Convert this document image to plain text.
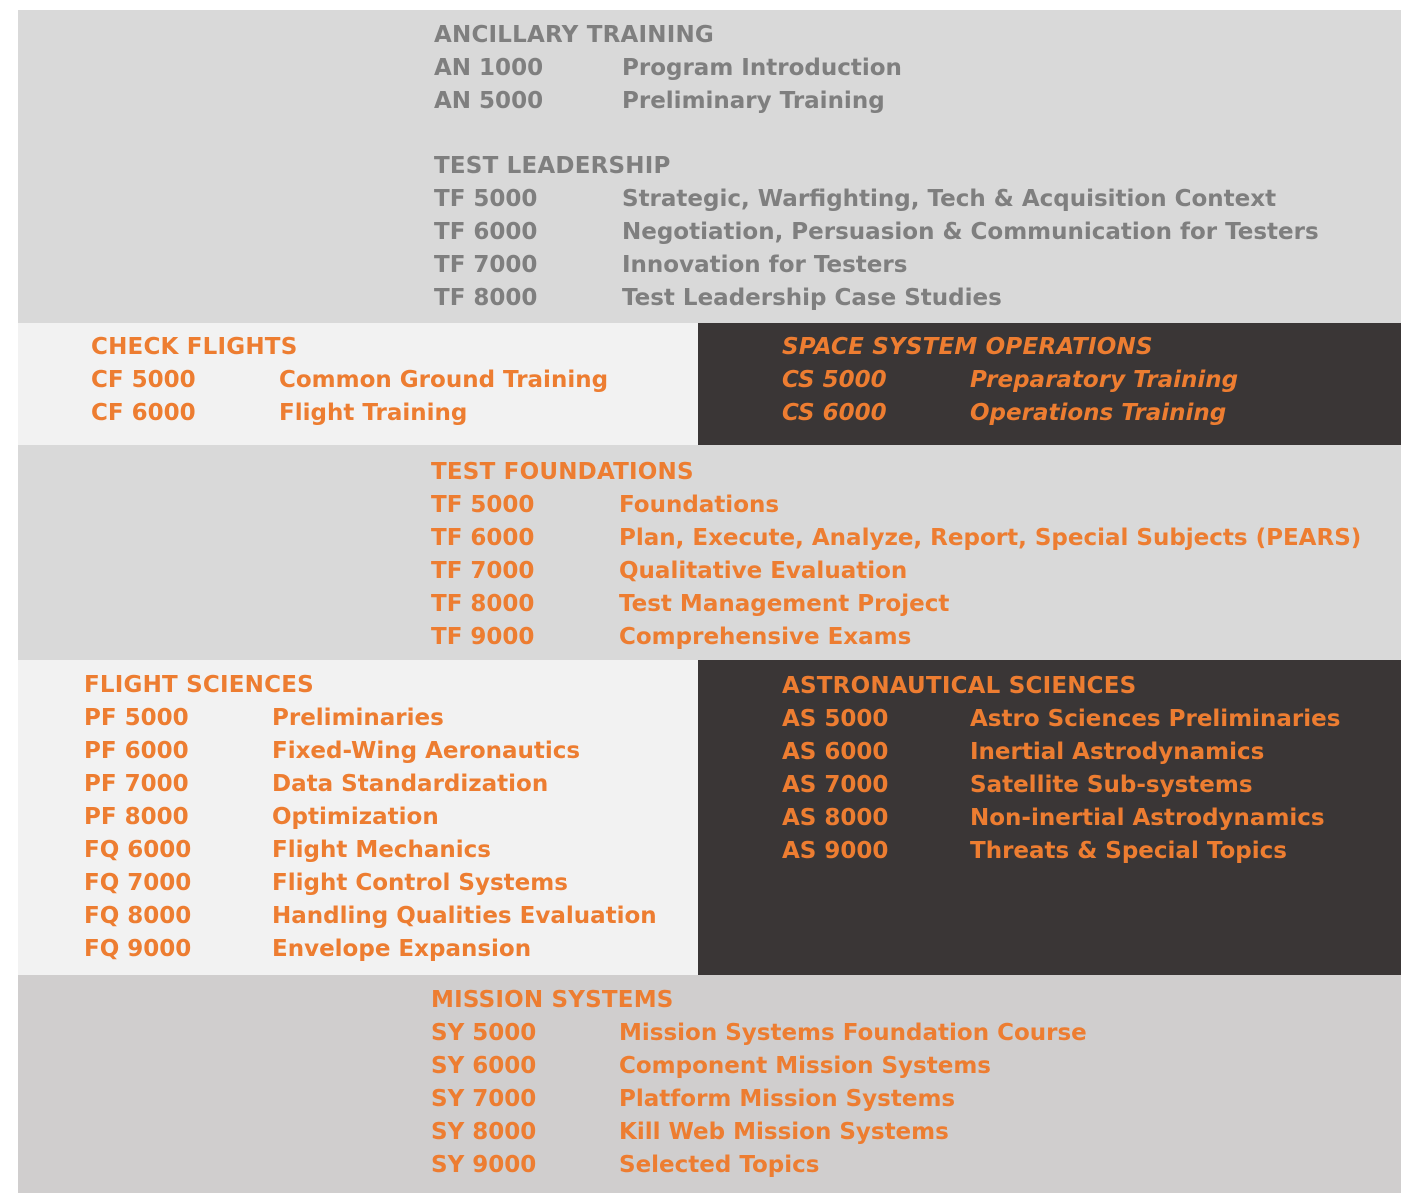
ANCILLARY TRAINING
AN 1000	Program Introduction
AN 5000	Preliminary Training
TEST LEADERSHIP
TF 5000	Strategic, Warfighting, Tech & Acquisition Context
TF 6000	Negotiation, Persuasion & Communication for Testers
TF 7000	Innovation for Testers
TF 8000	Test Leadership Case Studies
CHECK FLIGHTS
CF 5000	Common Ground Training
CF 6000	Flight Training
SPACE SYSTEM OPERATIONS
CS 5000	Preparatory Training
CS 6000	Operations Training
TEST FOUNDATIONS
TF 5000	Foundations
TF 6000	Plan, Execute, Analyze, Report, Special Subjects (PEARS)
TF 7000	Qualitative Evaluation
TF 8000	Test Management Project
TF 9000	Comprehensive Exams
FLIGHT SCIENCES
PF 5000	Preliminaries
PF 6000	Fixed-Wing Aeronautics
PF 7000	Data Standardization
PF 8000	Optimization
FQ 6000	Flight Mechanics
FQ 7000	Flight Control Systems
FQ 8000	Handling Qualities Evaluation
FQ 9000	Envelope Expansion
ASTRONAUTICAL SCIENCES
AS 5000	Astro Sciences Preliminaries
AS 6000	Inertial Astrodynamics
AS 7000	Satellite Sub-systems
AS 8000	Non-inertial Astrodynamics
AS 9000	Threats & Special Topics
MISSION SYSTEMS
SY 5000	Mission Systems Foundation Course
SY 6000	Component Mission Systems
SY 7000	Platform Mission Systems
SY 8000	Kill Web Mission Systems
SY 9000	Selected Topics
